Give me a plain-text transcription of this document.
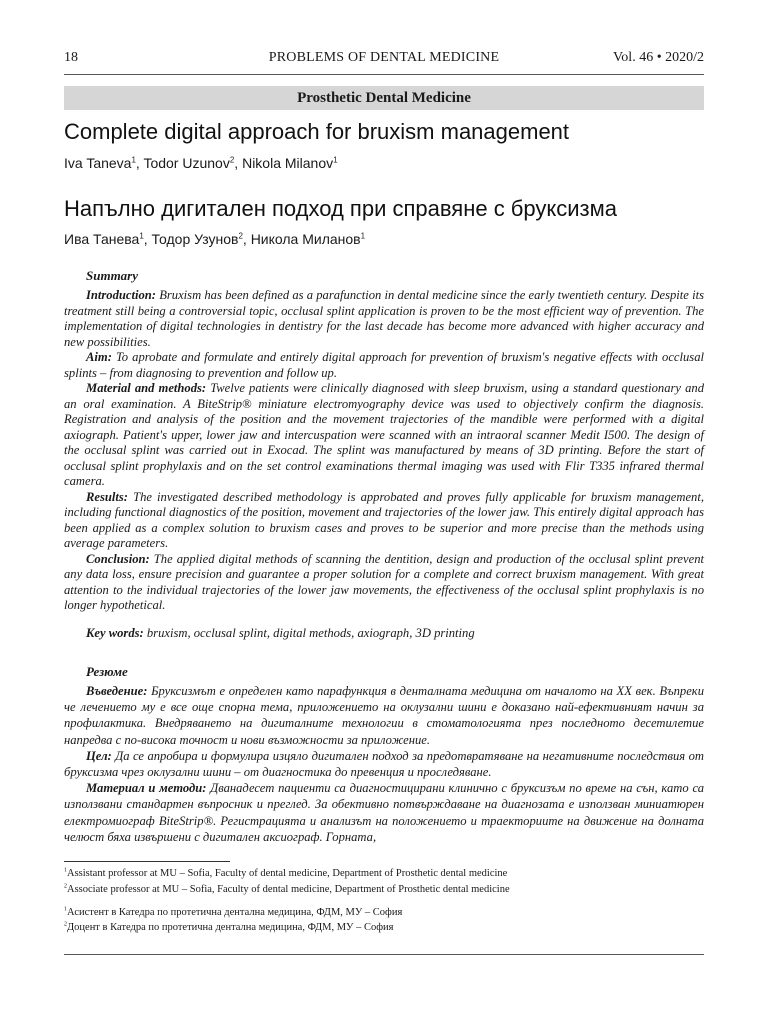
18	PROBLEMS OF DENTAL MEDICINE	Vol. 46 • 2020/2
Prosthetic Dental Medicine
Complete digital approach for bruxism management
Iva Taneva$^1$, Todor Uzunov$^2$, Nikola Milanov$^1$
Напълно дигитален подход при справяне с бруксизма
Ива Танева$^1$, Тодор Узунов$^2$, Никола Миланов$^1$
Summary

Introduction: Bruxism has been defined as a parafunction in dental medicine since the early twentieth century. Despite its treatment still being a controversial topic, occlusal splint application is proven to be the most efficient way of prevention. The implementation of digital technologies in dentistry for the last decade has become more advanced with higher accuracy and new possibilities.

Aim: To aprobate and formulate and entirely digital approach for prevention of bruxism's negative effects with occlusal splints – from diagnosing to prevention and follow up.

Material and methods: Twelve patients were clinically diagnosed with sleep bruxism, using a standard questionary and an oral examination. A BiteStrip® miniature electromyography device was used to objectively confirm the diagnosis. Registration and analysis of the position and the movement trajectories of the mandible were performed with a digital axiograph. Patient's upper, lower jaw and intercuspation were scanned with an intraoral scanner Medit I500. The design of the occlusal splint was carried out in Exocad. The splint was manufactured by means of 3D printing. Before the start of occlusal splint prophylaxis and on the set control examinations thermal imaging was used with Flir T335 infrared thermal camera.

Results: The investigated described methodology is approbated and proves fully applicable for bruxism management, including functional diagnostics of the position, movement and trajectories of the lower jaw. This entirely digital approach has been applied as a complex solution to bruxism cases and proves to be superior and more precise than the methods using average parameters.

Conclusion: The applied digital methods of scanning the dentition, design and production of the occlusal splint prevent any data loss, ensure precision and guarantee a proper solution for a complete and correct bruxism management. With great attention to the individual trajectories of the lower jaw movements, the effectiveness of the occlusal splint prophylaxis is no longer hypothetical.

Key words: bruxism, occlusal splint, digital methods, axiograph, 3D printing
Резюме

Въведение: Бруксизмът е определен като парафункция в денталната медицина от началото на XX век. Въпреки че лечението му е все още спорна тема, приложението на оклузални шини е доказано най-ефективният начин за профилактика. Внедряването на дигиталните технологии в стоматологията през последното десетилетие напредва с по-висока точност и нови възможности за приложение.

Цел: Да се апробира и формулира изцяло дигитален подход за предотвратяване на негативните последствия от бруксизма чрез оклузални шини – от диагностика до превенция и проследяване.

Материал и методи: Дванадесет пациенти са диагностицирани клинично с бруксизъм по време на сън, като са използвани стандартен въпросник и преглед. За обективно потвърждаване на диагнозата е използван миниатюрен електромиограф BiteStrip®. Регистрацията и анализът на положението и траекториите на движение на долната челюст бяха извършени с дигитален аксиограф. Горната,

$^1$Assistant professor at MU – Sofia, Faculty of dental medicine, Department of Prosthetic dental medicine
$^2$Associate professor at MU – Sofia, Faculty of dental medicine, Department of Prosthetic dental medicine
$^1$Асистент в Катедра по протетична дентална медицина, ФДМ, МУ – София
$^2$Доцент в Катедра по протетична дентална медицина, ФДМ, МУ – София
